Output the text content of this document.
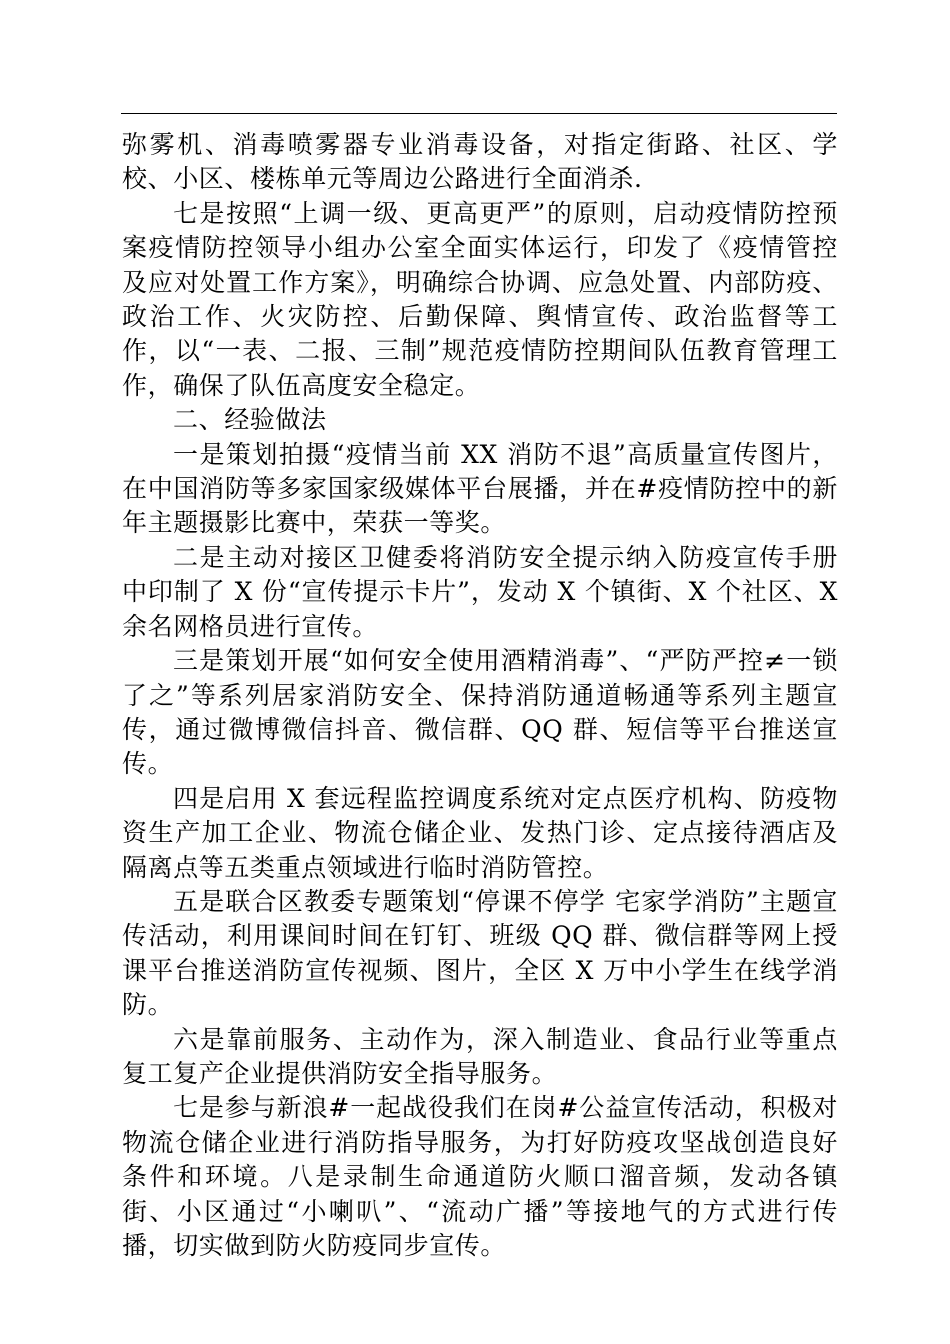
弥雾机、消毒喷雾器专业消毒设备，对指定街路、社区、学校、小区、楼栋单元等周边公路进行全面消杀.

七是按照“上调一级、更高更严”的原则，启动疫情防控预案疫情防控领导小组办公室全面实体运行，印发了《疫情管控及应对处置工作方案》，明确综合协调、应急处置、内部防疫、政治工作、火灾防控、后勤保障、舆情宣传、政治监督等工作，以“一表、二报、三制”规范疫情防控期间队伍教育管理工作，确保了队伍高度安全稳定。

二、经验做法

一是策划拍摄“疫情当前 XX 消防不退”高质量宣传图片，在中国消防等多家国家级媒体平台展播，并在#疫情防控中的新年主题摄影比赛中，荣获一等奖。

二是主动对接区卫健委将消防安全提示纳入防疫宣传手册中印制了 X 份“宣传提示卡片”，发动 X 个镇街、X 个社区、X 余名网格员进行宣传。

三是策划开展“如何安全使用酒精消毒”、“严防严控≠一锁了之”等系列居家消防安全、保持消防通道畅通等系列主题宣传，通过微博微信抖音、微信群、QQ 群、短信等平台推送宣传。

四是启用 X 套远程监控调度系统对定点医疗机构、防疫物资生产加工企业、物流仓储企业、发热门诊、定点接待酒店及隔离点等五类重点领域进行临时消防管控。

五是联合区教委专题策划“停课不停学 宅家学消防”主题宣传活动，利用课间时间在钉钉、班级 QQ 群、微信群等网上授课平台推送消防宣传视频、图片，全区 X 万中小学生在线学消防。

六是靠前服务、主动作为，深入制造业、食品行业等重点复工复产企业提供消防安全指导服务。

七是参与新浪#一起战役我们在岗#公益宣传活动，积极对物流仓储企业进行消防指导服务，为打好防疫攻坚战创造良好条件和环境。八是录制生命通道防火顺口溜音频，发动各镇街、小区通过“小喇叭”、“流动广播”等接地气的方式进行传播，切实做到防火防疫同步宣传。
